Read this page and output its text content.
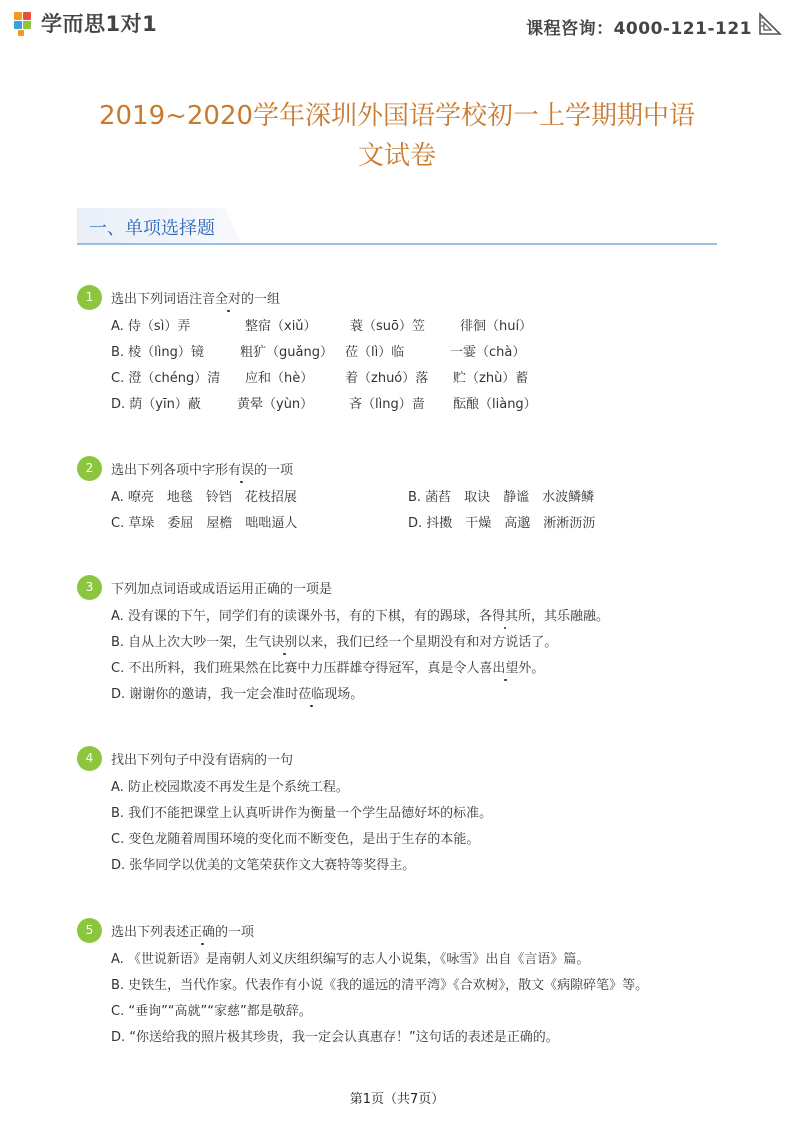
学而思1对1	课程咨询：4000-121-121
2019~2020学年深圳外国语学校初一上学期期中语
文试卷
一、单项选择题
1	选出下列词语注音全对的一组
A. 侍（sì）弄	整宿（xiǔ）	蓑（suō）笠	徘徊（huí）
B. 棱（lìng）镜	粗犷（guǎng） 莅（lì）临	一霎（chà）
C. 澄（chéng）清 应和（hè） 着（zhuó）落 贮（zhù）蓄
D. 荫（yīn）蔽	黄晕（yùn）	吝（lìng）啬 酝酿（liàng）
2	选出下列各项中字形有误的一项
A. 嘹亮　地毯　铃铛　花枝招展	B. 菡萏　取诀　静谧　水波鳞鳞
C. 草垛　委屈　屋檐　咄咄逼人	D. 抖擞　干燥　高邈　淅淅沥沥
3	下列加点词语或成语运用正确的一项是
A. 没有课的下午，同学们有的读课外书，有的下棋，有的踢球，各得其所，其乐融融。
B. 自从上次大吵一架，生气诀别以来，我们已经一个星期没有和对方说话了。
C. 不出所料，我们班果然在比赛中力压群雄夺得冠军，真是令人喜出望外。
D. 谢谢你的邀请，我一定会准时莅临现场。
4	找出下列句子中没有语病的一句
A. 防止校园欺凌不再发生是个系统工程。
B. 我们不能把课堂上认真听讲作为衡量一个学生品德好坏的标准。
C. 变色龙随着周围环境的变化而不断变色，是出于生存的本能。
D. 张华同学以优美的文笔荣获作文大赛特等奖得主。
5	选出下列表述正确的一项
A. 《世说新语》是南朝人刘义庆组织编写的志人小说集，《咏雪》出自《言语》篇。
B. 史铁生，当代作家。代表作有小说《我的遥远的清平湾》《合欢树》，散文《病隙碎笔》等。
C. “垂询”“高就”“家慈”都是敬辞。
D. “你送给我的照片极其珍贵，我一定会认真惠存！”这句话的表述是正确的。
第1页（共7页）
